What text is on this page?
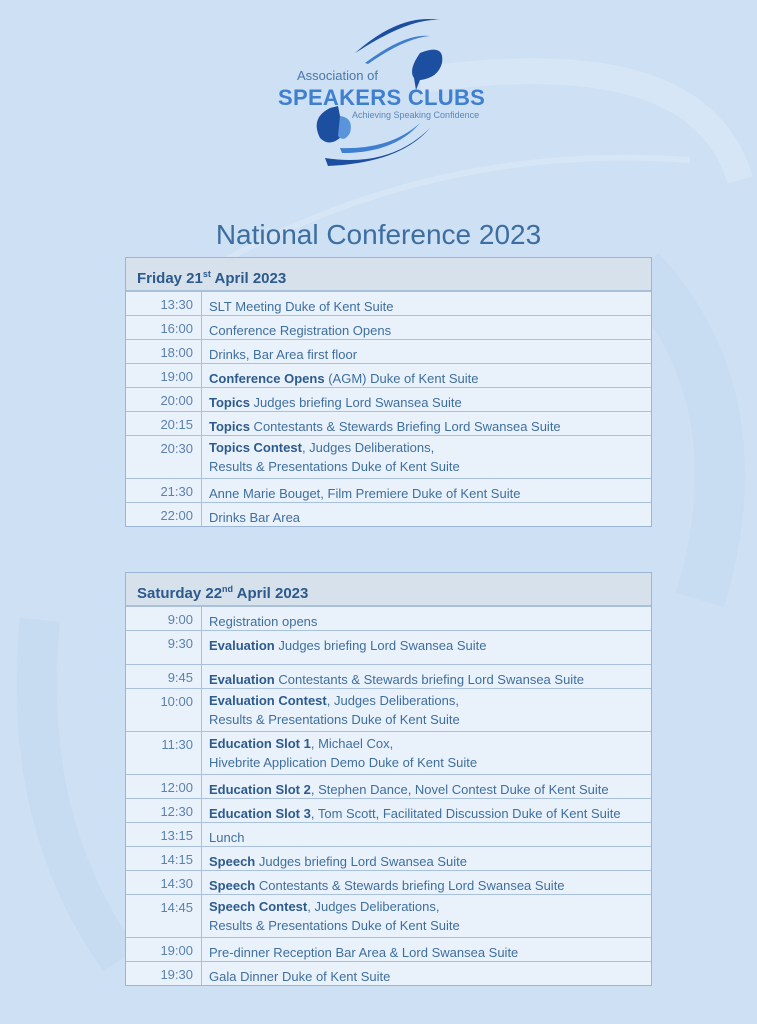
Association of
SPEAKERS CLUBS
Achieving Speaking Confidence
National Conference 2023
Friday 21st April 2023
13:30	SLT Meeting Duke of Kent Suite
16:00	Conference Registration Opens
18:00	Drinks, Bar Area first floor
19:00	Conference Opens (AGM) Duke of Kent Suite
20:00	Topics Judges briefing Lord Swansea Suite
20:15	Topics Contestants & Stewards Briefing Lord Swansea Suite
20:30	Topics Contest, Judges Deliberations,
Results & Presentations Duke of Kent Suite
21:30	Anne Marie Bouget, Film Premiere Duke of Kent Suite
22:00	Drinks Bar Area
Saturday 22nd April 2023
9:00	Registration opens
9:30	Evaluation Judges briefing Lord Swansea Suite
9:45	Evaluation Contestants & Stewards briefing Lord Swansea Suite
10:00	Evaluation Contest, Judges Deliberations,
Results & Presentations Duke of Kent Suite
11:30	Education Slot 1, Michael Cox,
Hivebrite Application Demo Duke of Kent Suite
12:00	Education Slot 2, Stephen Dance, Novel Contest Duke of Kent Suite
12:30	Education Slot 3, Tom Scott, Facilitated Discussion Duke of Kent Suite
13:15	Lunch
14:15	Speech Judges briefing Lord Swansea Suite
14:30	Speech Contestants & Stewards briefing Lord Swansea Suite
14:45	Speech Contest, Judges Deliberations,
Results & Presentations Duke of Kent Suite
19:00	Pre-dinner Reception Bar Area & Lord Swansea Suite
19:30	Gala Dinner Duke of Kent Suite
